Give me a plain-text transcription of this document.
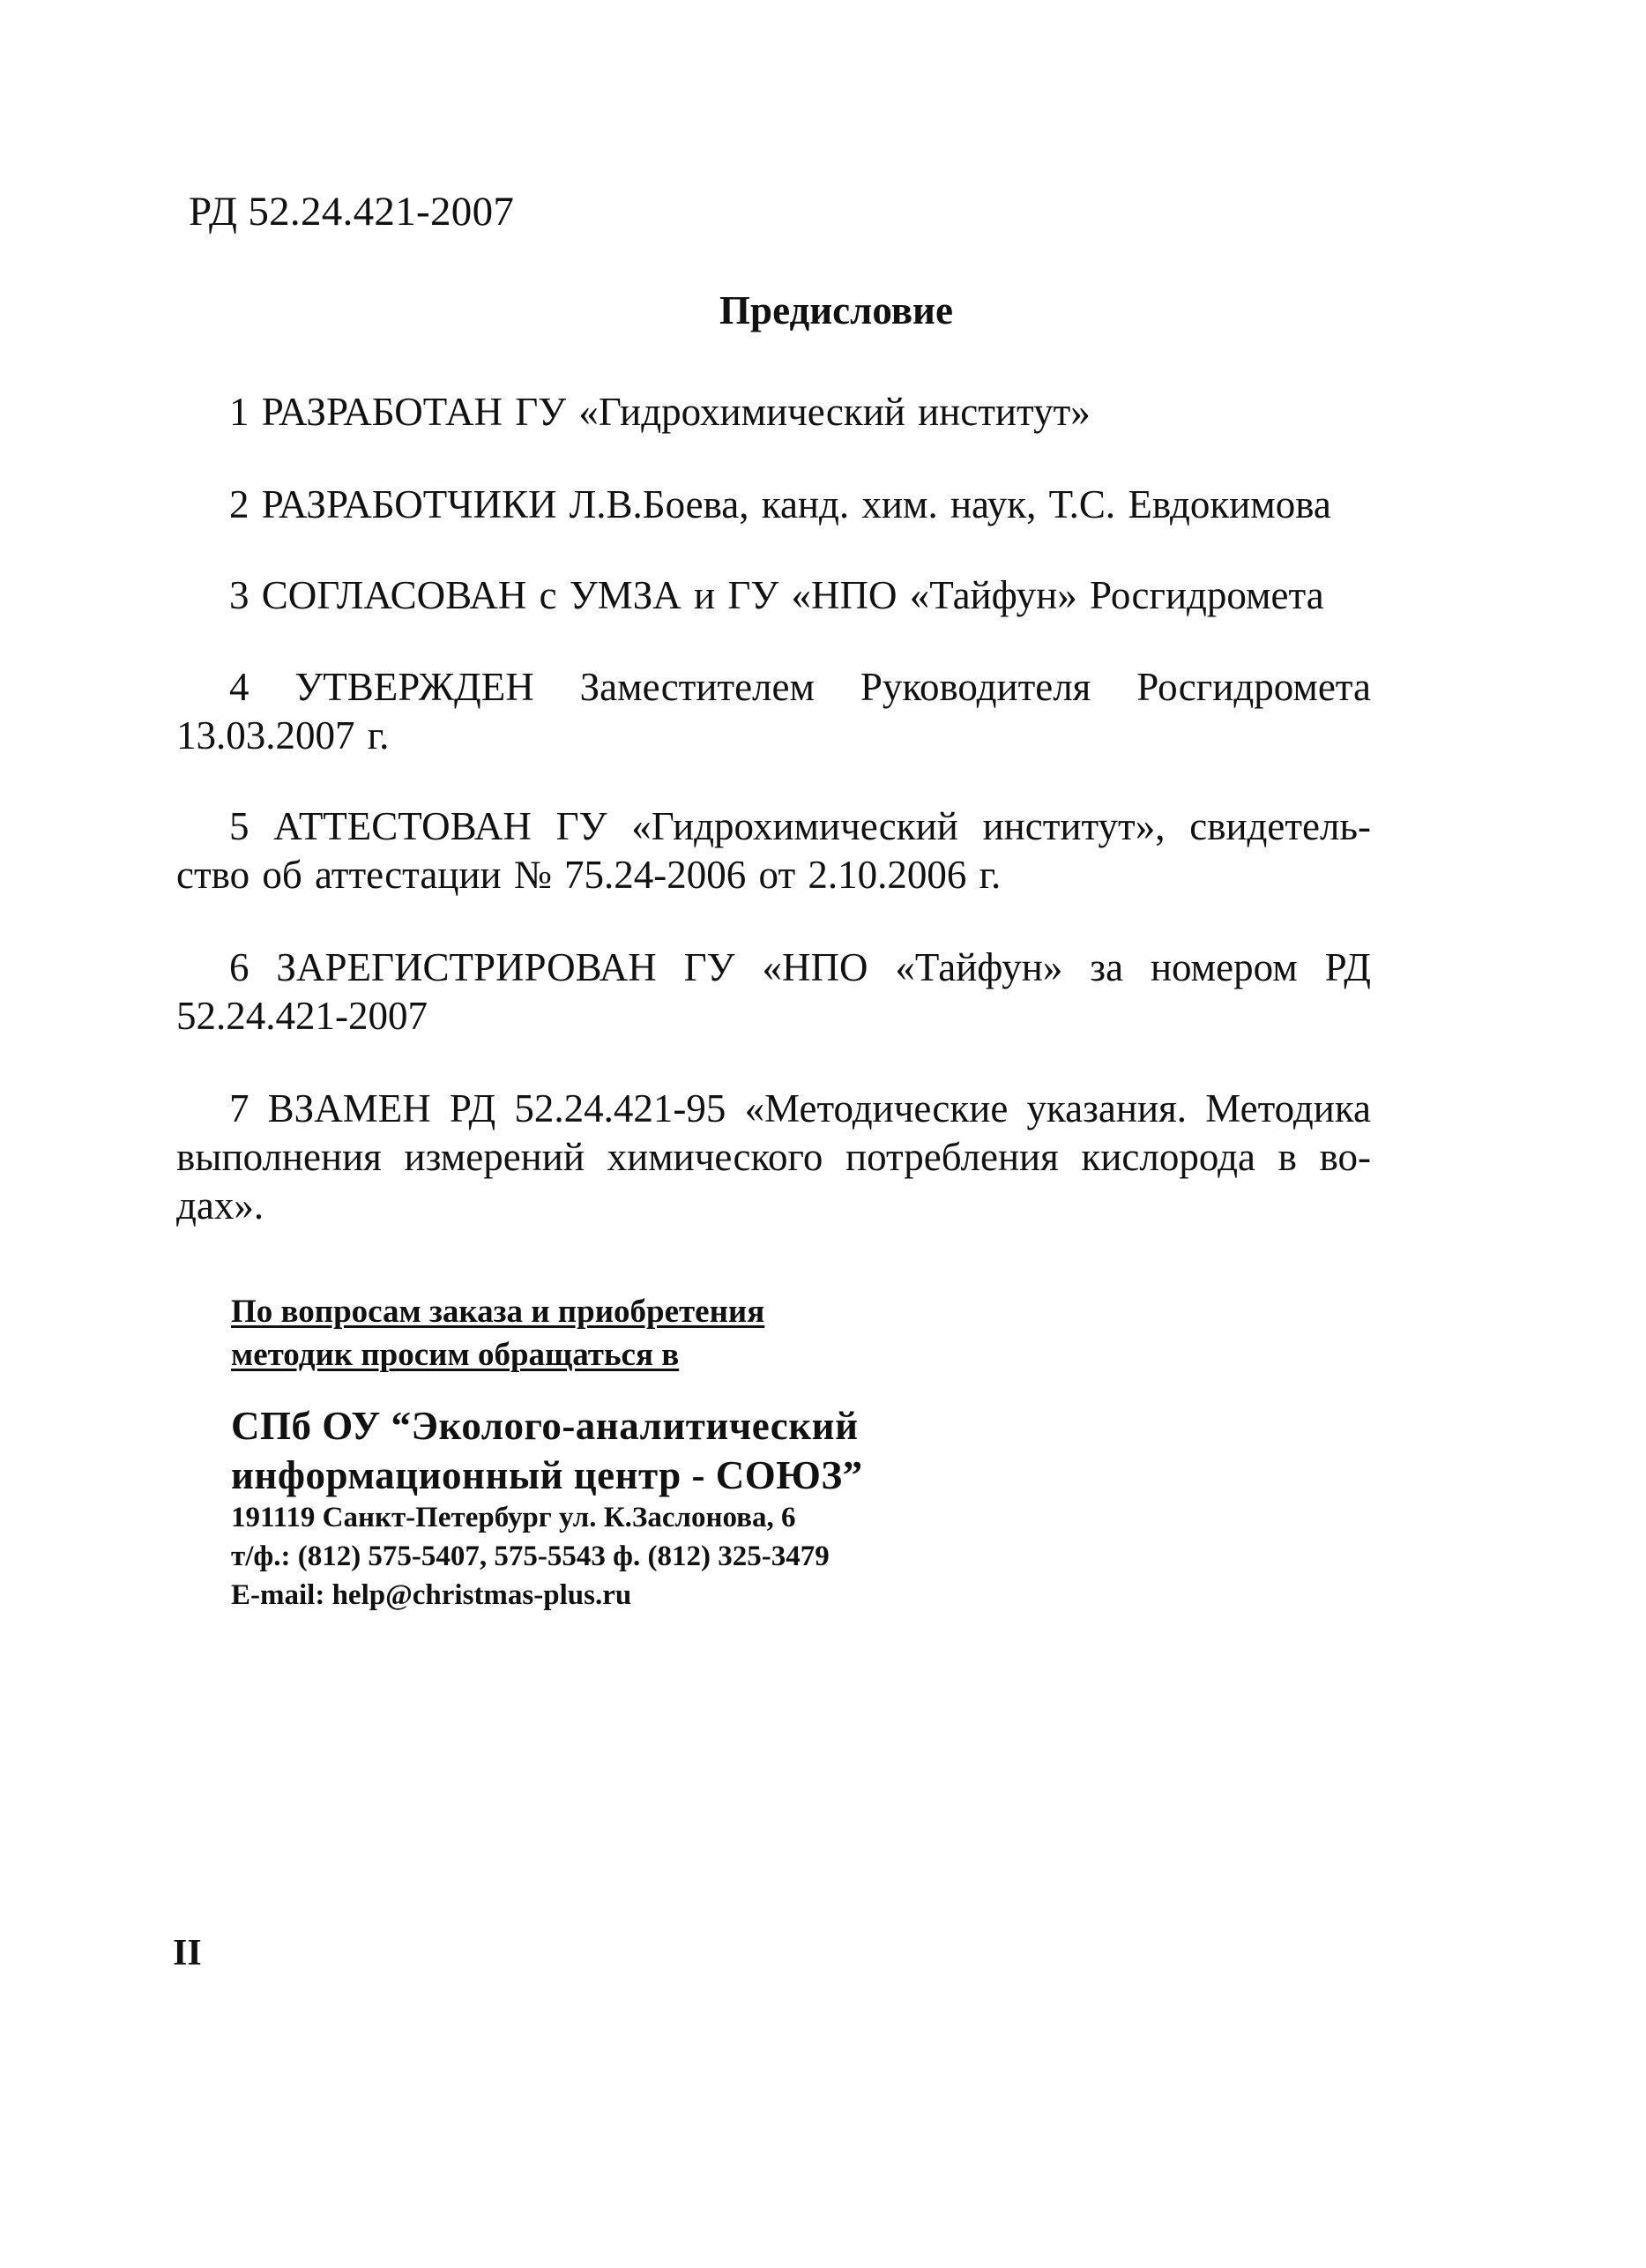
РД 52.24.421-2007
Предисловие
1 РАЗРАБОТАН ГУ «Гидрохимический институт»
2 РАЗРАБОТЧИКИ Л.В.Боева, канд. хим. наук, Т.С. Евдокимова
3 СОГЛАСОВАН с УМЗА и ГУ «НПО «Тайфун» Росгидромета
4 УТВЕРЖДЕН Заместителем Руководителя Росгидромета
13.03.2007 г.
5 АТТЕСТОВАН ГУ «Гидрохимический институт», свидетель-
ство об аттестации № 75.24-2006 от 2.10.2006 г.
6 ЗАРЕГИСТРИРОВАН ГУ «НПО «Тайфун» за номером РД
52.24.421-2007
7 ВЗАМЕН РД 52.24.421-95 «Методические указания. Методика
выполнения измерений химического потребления кислорода в во-
дах».
По вопросам заказа и приобретения
методик просим обращаться в
СПб ОУ “Эколого-аналитический
информационный центр - СОЮЗ”
191119 Санкт-Петербург ул. К.Заслонова, 6
т/ф.: (812) 575-5407, 575-5543 ф. (812) 325-3479
E-mail: help@christmas-plus.ru
II
